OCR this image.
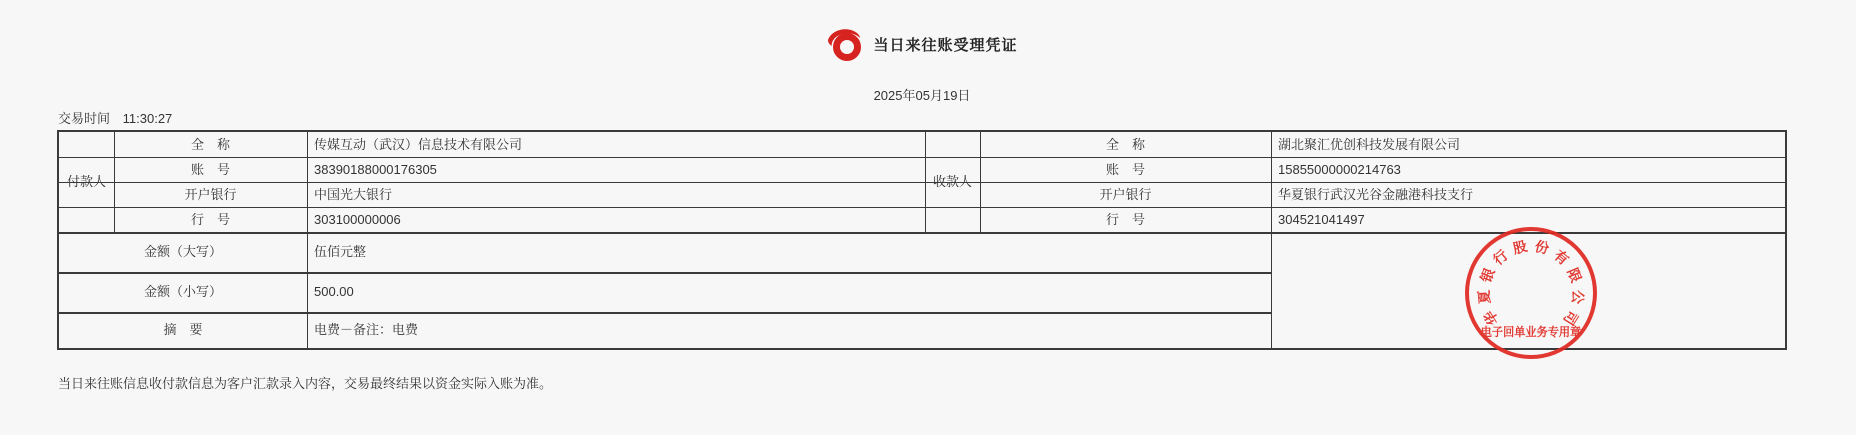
当日来往账受理凭证
2025年05月19日
交易时间 11:30:27
付款人
全　称	传媒互动（武汉）信息技术有限公司
账　号	38390188000176305
开户银行	中国光大银行
行　号	303100000006
收款人
全　称	湖北聚汇优创科技发展有限公司
账　号	15855000000214763
开户银行	华夏银行武汉光谷金融港科技支行
行　号	304521041497
金额（大写）	伍佰元整
金额（小写）	500.00
摘　要	电费－备注：电费
华
夏
银
行 股 份 有
限
公
司
电子回单业务专用章
当日来往账信息收付款信息为客户汇款录入内容，交易最终结果以资金实际入账为准。
